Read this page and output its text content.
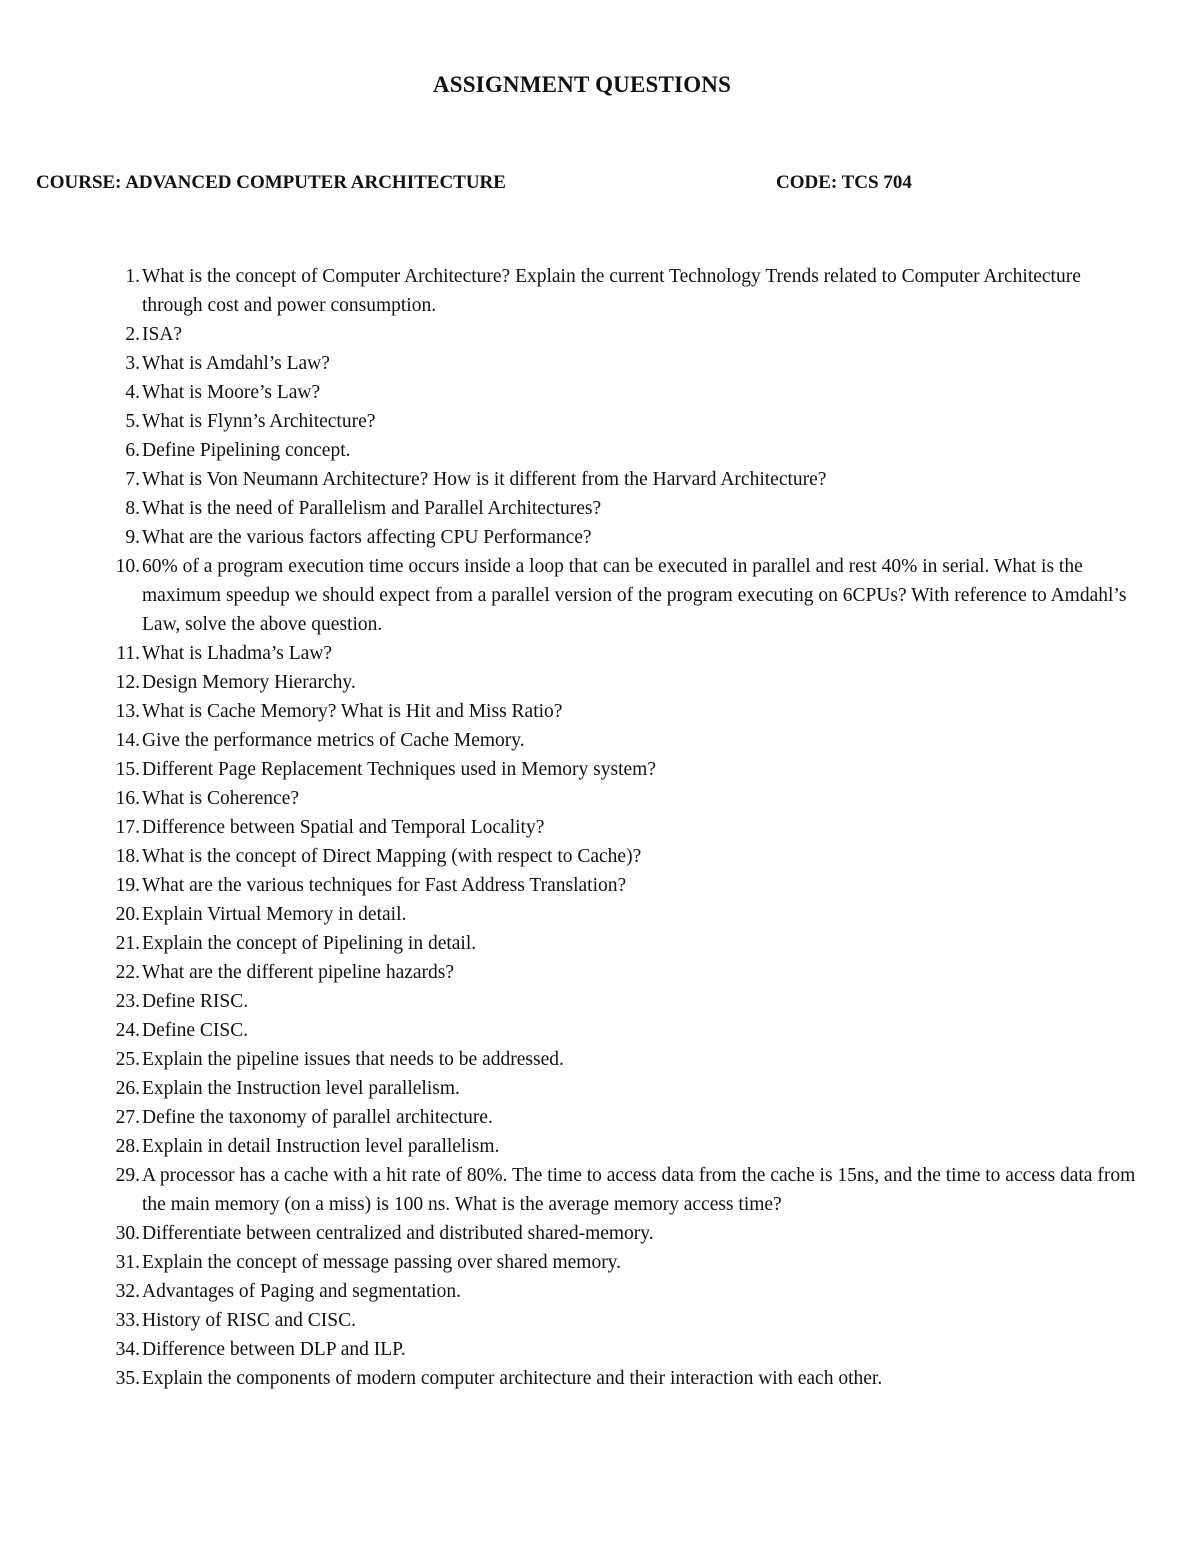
ASSIGNMENT QUESTIONS
COURSE: ADVANCED COMPUTER ARCHITECTURE	CODE: TCS 704
1. What is the concept of Computer Architecture? Explain the current Technology Trends related to Computer Architecture through cost and power consumption.
2. ISA?
3. What is Amdahl’s Law?
4. What is Moore’s Law?
5. What is Flynn’s Architecture?
6. Define Pipelining concept.
7. What is Von Neumann Architecture? How is it different from the Harvard Architecture?
8. What is the need of Parallelism and Parallel Architectures?
9. What are the various factors affecting CPU Performance?
10. 60% of a program execution time occurs inside a loop that can be executed in parallel and rest 40% in serial. What is the maximum speedup we should expect from a parallel version of the program executing on 6CPUs? With reference to Amdahl’s Law, solve the above question.
11. What is Lhadma’s Law?
12. Design Memory Hierarchy.
13. What is Cache Memory? What is Hit and Miss Ratio?
14. Give the performance metrics of Cache Memory.
15. Different Page Replacement Techniques used in Memory system?
16. What is Coherence?
17. Difference between Spatial and Temporal Locality?
18. What is the concept of Direct Mapping (with respect to Cache)?
19. What are the various techniques for Fast Address Translation?
20. Explain Virtual Memory in detail.
21. Explain the concept of Pipelining in detail.
22. What are the different pipeline hazards?
23. Define RISC.
24. Define CISC.
25. Explain the pipeline issues that needs to be addressed.
26. Explain the Instruction level parallelism.
27. Define the taxonomy of parallel architecture.
28. Explain in detail Instruction level parallelism.
29. A processor has a cache with a hit rate of 80%. The time to access data from the cache is 15ns, and the time to access data from the main memory (on a miss) is 100 ns. What is the average memory access time?
30. Differentiate between centralized and distributed shared-memory.
31. Explain the concept of message passing over shared memory.
32. Advantages of Paging and segmentation.
33. History of RISC and CISC.
34. Difference between DLP and ILP.
35. Explain the components of modern computer architecture and their interaction with each other.
